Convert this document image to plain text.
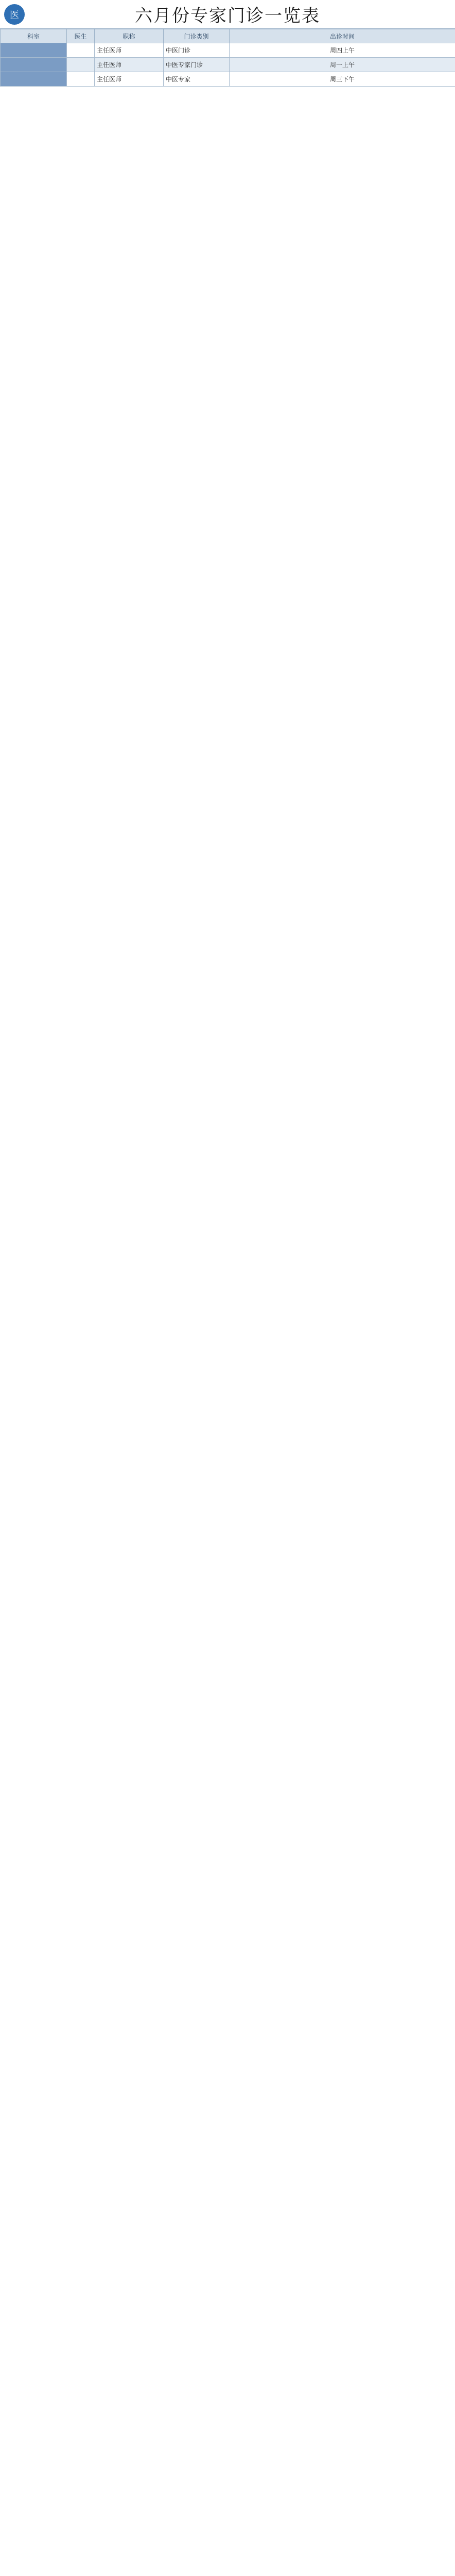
医	六月份专家门诊一览表
科室	医生	职称	门诊类别	出诊时间
		主任医师	中医门诊	周四上午
		主任医师	中医专家门诊	周一上午
		主任医师	中医专家	周三下午
